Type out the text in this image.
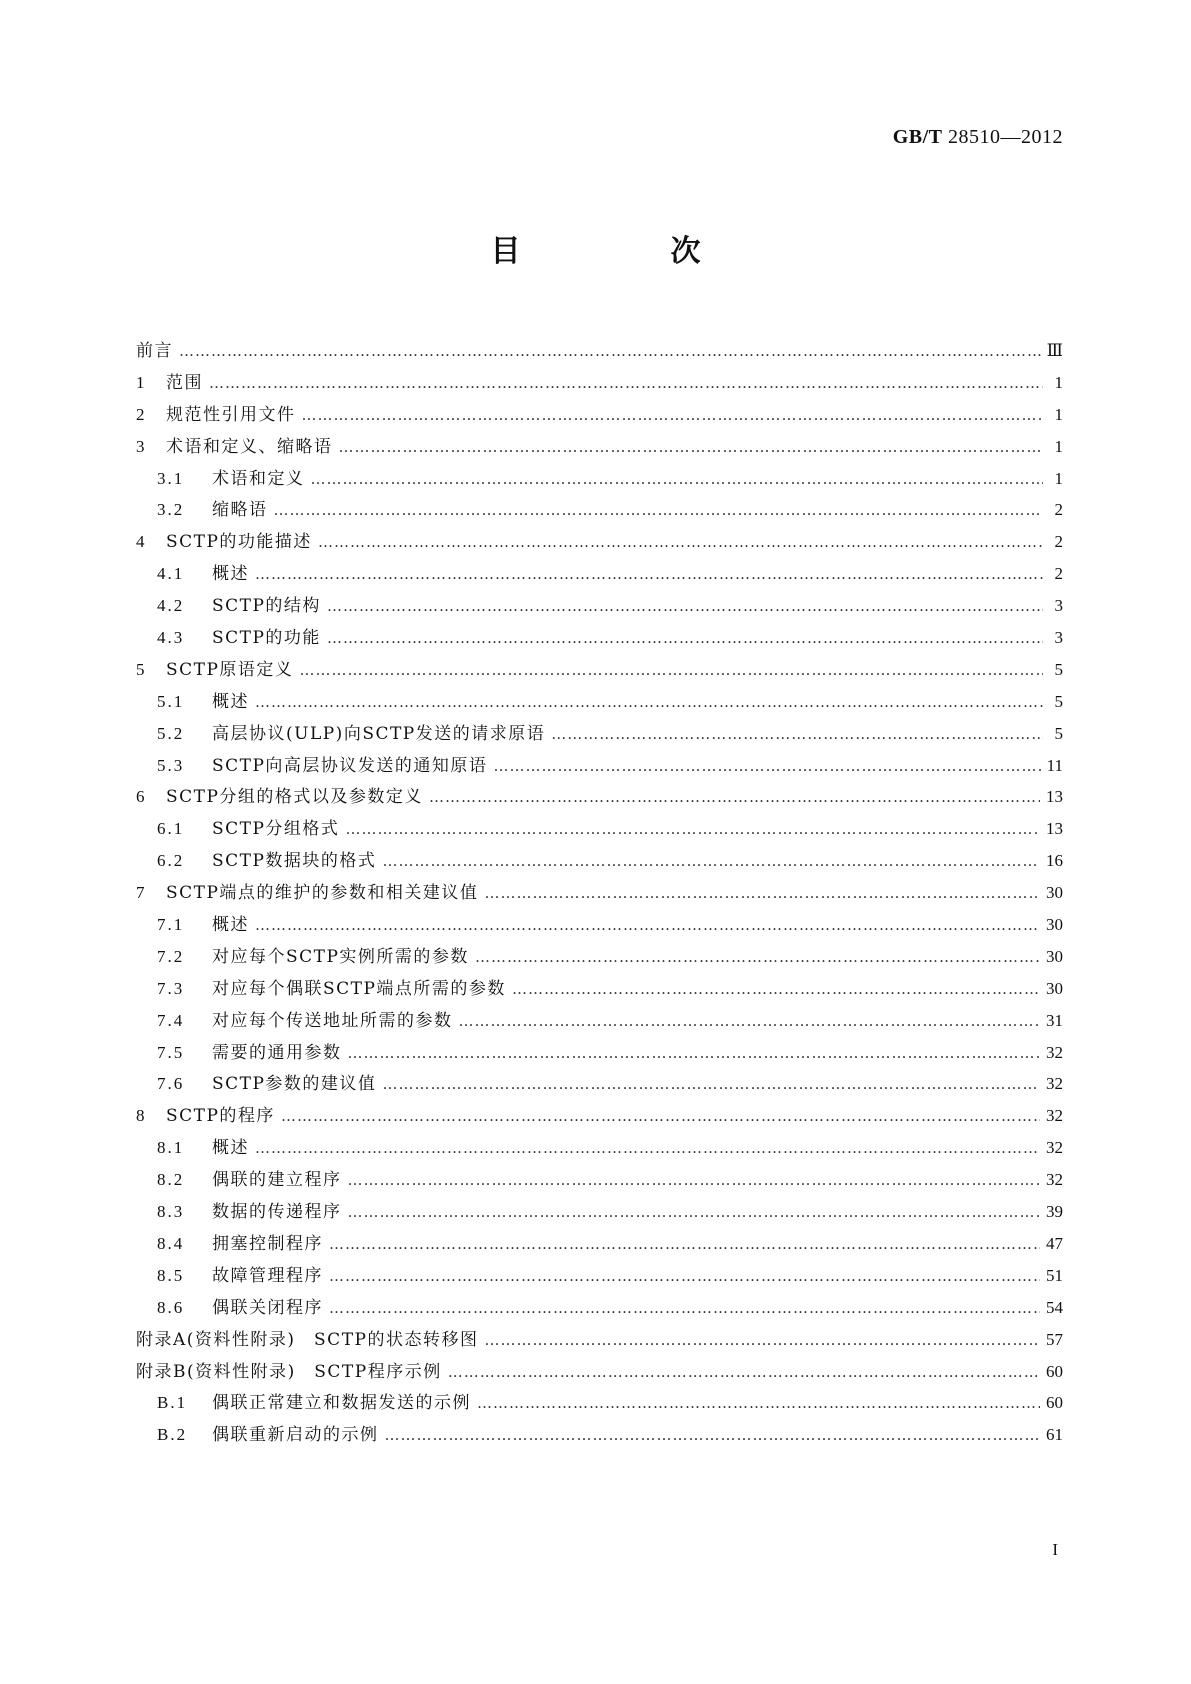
GB/T 28510—2012
目　次
前言 …………………………………………………………………………………………………………………………………………………………………………………………………………………………………………………………	Ⅲ
1	范围 …………………………………………………………………………………………………………………………………………………………………………………………………………………………………………………………	1
2	规范性引用文件 …………………………………………………………………………………………………………………………………………………………………………………………………………………………………………………………	1
3	术语和定义、缩略语 …………………………………………………………………………………………………………………………………………………………………………………………………………………………………………………………	1
3.1	术语和定义 …………………………………………………………………………………………………………………………………………………………………………………………………………………………………………………………	1
3.2	缩略语 …………………………………………………………………………………………………………………………………………………………………………………………………………………………………………………………	2
4	SCTP的功能描述 …………………………………………………………………………………………………………………………………………………………………………………………………………………………………………………………	2
4.1	概述 …………………………………………………………………………………………………………………………………………………………………………………………………………………………………………………………	2
4.2	SCTP的结构 …………………………………………………………………………………………………………………………………………………………………………………………………………………………………………………………	3
4.3	SCTP的功能 …………………………………………………………………………………………………………………………………………………………………………………………………………………………………………………………	3
5	SCTP原语定义 …………………………………………………………………………………………………………………………………………………………………………………………………………………………………………………………	5
5.1	概述 …………………………………………………………………………………………………………………………………………………………………………………………………………………………………………………………	5
5.2	高层协议(ULP)向SCTP发送的请求原语 …………………………………………………………………………………………………………………………………………………………………………………………………………………………………………………………	5
5.3	SCTP向高层协议发送的通知原语 …………………………………………………………………………………………………………………………………………………………………………………………………………………………………………………………	11
6	SCTP分组的格式以及参数定义 …………………………………………………………………………………………………………………………………………………………………………………………………………………………………………………………	13
6.1	SCTP分组格式 …………………………………………………………………………………………………………………………………………………………………………………………………………………………………………………………	13
6.2	SCTP数据块的格式 …………………………………………………………………………………………………………………………………………………………………………………………………………………………………………………………	16
7	SCTP端点的维护的参数和相关建议值 …………………………………………………………………………………………………………………………………………………………………………………………………………………………………………………………	30
7.1	概述 …………………………………………………………………………………………………………………………………………………………………………………………………………………………………………………………	30
7.2	对应每个SCTP实例所需的参数 …………………………………………………………………………………………………………………………………………………………………………………………………………………………………………………………	30
7.3	对应每个偶联SCTP端点所需的参数 …………………………………………………………………………………………………………………………………………………………………………………………………………………………………………………………	30
7.4	对应每个传送地址所需的参数 …………………………………………………………………………………………………………………………………………………………………………………………………………………………………………………………	31
7.5	需要的通用参数 …………………………………………………………………………………………………………………………………………………………………………………………………………………………………………………………	32
7.6	SCTP参数的建议值 …………………………………………………………………………………………………………………………………………………………………………………………………………………………………………………………	32
8	SCTP的程序 …………………………………………………………………………………………………………………………………………………………………………………………………………………………………………………………	32
8.1	概述 …………………………………………………………………………………………………………………………………………………………………………………………………………………………………………………………	32
8.2	偶联的建立程序 …………………………………………………………………………………………………………………………………………………………………………………………………………………………………………………………	32
8.3	数据的传递程序 …………………………………………………………………………………………………………………………………………………………………………………………………………………………………………………………	39
8.4	拥塞控制程序 …………………………………………………………………………………………………………………………………………………………………………………………………………………………………………………………	47
8.5	故障管理程序 …………………………………………………………………………………………………………………………………………………………………………………………………………………………………………………………	51
8.6	偶联关闭程序 …………………………………………………………………………………………………………………………………………………………………………………………………………………………………………………………	54
附录A(资料性附录)　SCTP的状态转移图 …………………………………………………………………………………………………………………………………………………………………………………………………………………………………………………………	57
附录B(资料性附录)　SCTP程序示例 …………………………………………………………………………………………………………………………………………………………………………………………………………………………………………………………	60
B.1	偶联正常建立和数据发送的示例 …………………………………………………………………………………………………………………………………………………………………………………………………………………………………………………………	60
B.2	偶联重新启动的示例 …………………………………………………………………………………………………………………………………………………………………………………………………………………………………………………………	61
I
